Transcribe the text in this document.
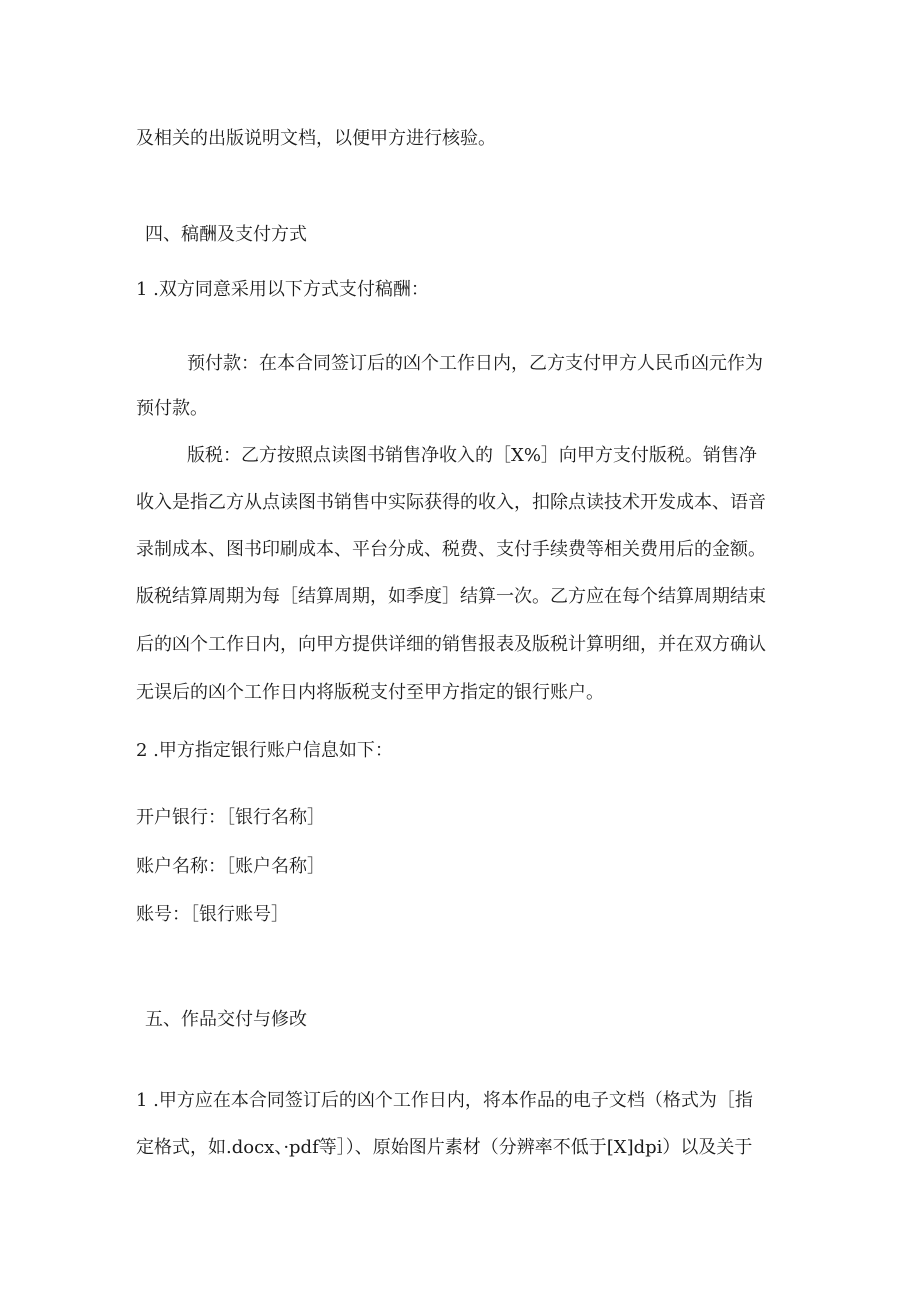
及相关的出版说明文档，以便甲方进行核验。
四、稿酬及支付方式
1 .双方同意采用以下方式支付稿酬：
预付款：在本合同签订后的凶个工作日内，乙方支付甲方人民币凶元作为
预付款。
版税：乙方按照点读图书销售净收入的［X%］向甲方支付版税。销售净
收入是指乙方从点读图书销售中实际获得的收入，扣除点读技术开发成本、语音
录制成本、图书印刷成本、平台分成、税费、支付手续费等相关费用后的金额。
版税结算周期为每［结算周期，如季度］结算一次。乙方应在每个结算周期结束
后的凶个工作日内，向甲方提供详细的销售报表及版税计算明细，并在双方确认
无误后的凶个工作日内将版税支付至甲方指定的银行账户。
2 .甲方指定银行账户信息如下：
开户银行：［银行名称］
账户名称：［账户名称］
账号：［银行账号］
五、作品交付与修改
1 .甲方应在本合同签订后的凶个工作日内，将本作品的电子文档（格式为［指
定格式，如.docx、·pdf等］）、原始图片素材（分辨率不低于[X]dpi）以及关于
